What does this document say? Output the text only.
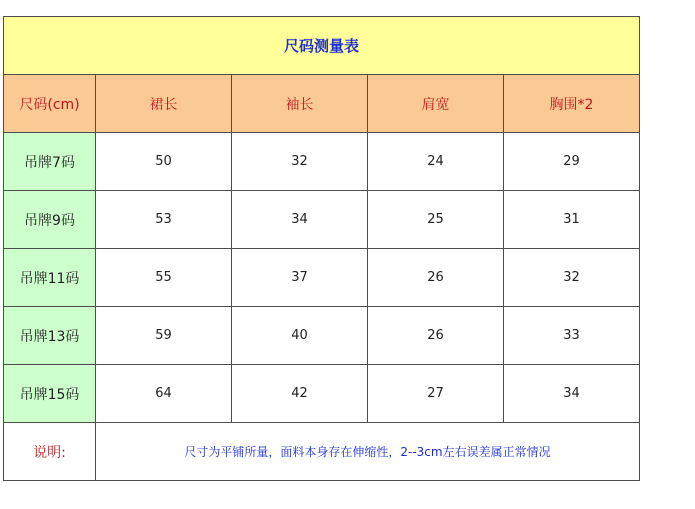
尺码测量表				
尺码(cm)	裙长	袖长	肩宽	胸围*2
吊牌7码	50	32	24	29
吊牌9码	53	34	25	31
吊牌11码	55	37	26	32
吊牌13码	59	40	26	33
吊牌15码	64	42	27	34
说明:	尺寸为平铺所量，面料本身存在伸缩性，2--3cm左右误差属正常情况			
